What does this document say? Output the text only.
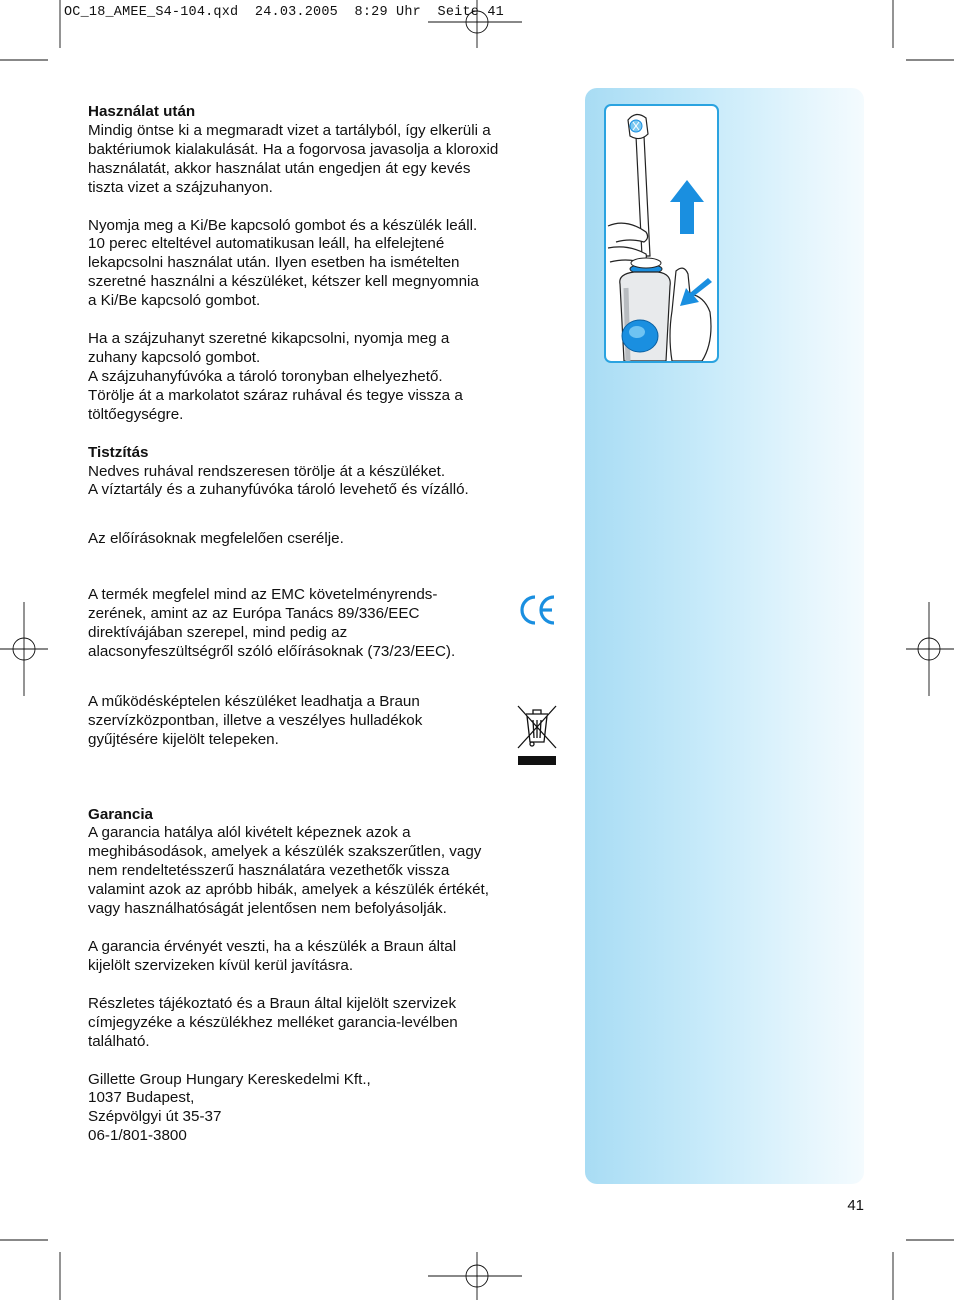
OC_18_AMEE_S4-104.qxd  24.03.2005  8:29 Uhr  Seite 41
Használat után

Mindig öntse ki a megmaradt vizet a tartályból, így elkerüli a
baktériumok kialakulását. Ha a fogorvosa javasolja a kloroxid
használatát, akkor használat után engedjen át egy kevés
tiszta vizet a szájzuhanyon.

Nyomja meg a Ki/Be kapcsoló gombot és a készülék leáll.
10 perec elteltével automatikusan leáll, ha elfelejtené
lekapcsolni használat után. Ilyen esetben ha ismételten
szeretné használni a készüléket, kétszer kell megnyomnia
a Ki/Be kapcsoló gombot.

Ha a szájzuhanyt szeretné kikapcsolni, nyomja meg a
zuhany kapcsoló gombot.
A szájzuhanyfúvóka a tároló toronyban elhelyezhető.
Törölje át a markolatot száraz ruhával és tegye vissza a
töltőegységre.

Tistzítás

Nedves ruhával rendszeresen törölje át a készüléket.
A víztartály és a zuhanyfúvóka tároló levehető és vízálló.

Az előírásoknak megfelelően cserélje.

A termék megfelel mind az EMC követelményrends-
zerének, amint az az Európa Tanács 89/336/EEC
direktívájában szerepel, mind pedig az
alacsonyfeszültségről szóló előírásoknak (73/23/EEC).

A működésképtelen készüléket leadhatja a Braun
szervízközpontban, illetve a veszélyes hulladékok
gyűjtésére kijelölt telepeken.

Garancia

A garancia hatálya alól kivételt képeznek azok a
meghibásodások, amelyek a készülék szakszerűtlen, vagy
nem rendeltetésszerű használatára vezethetők vissza
valamint azok az apróbb hibák, amelyek a készülék értékét,
vagy használhatóságát jelentősen nem befolyásolják.

A garancia érvényét veszti, ha a készülék a Braun által
kijelölt szervizeken kívül kerül javításra.

Részletes tájékoztató és a Braun által kijelölt szervizek
címjegyzéke a készülékhez melléket garancia-levélben
található.

Gillette Group Hungary Kereskedelmi Kft.,
1037 Budapest,
Szépvölgyi út 35-37
06-1/801-3800

41
